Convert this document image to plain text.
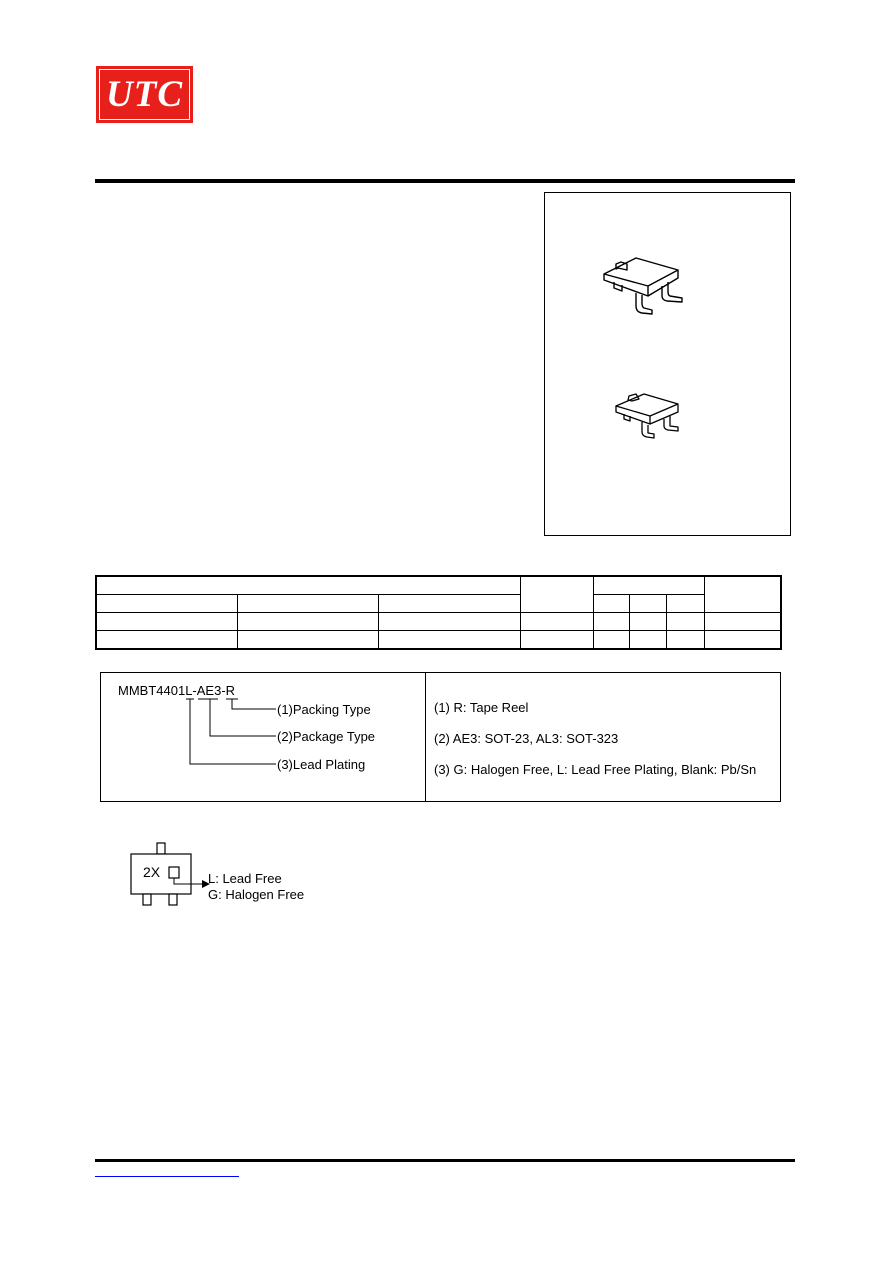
UTC

MMBT4401L-AE3-R
(1)Packing Type
(2)Package Type
(3)Lead Plating
(1) R: Tape Reel
(2) AE3: SOT-23, AL3: SOT-323
(3) G: Halogen Free, L: Lead Free Plating, Blank: Pb/Sn
2X	L: Lead Free
G: Halogen Free
